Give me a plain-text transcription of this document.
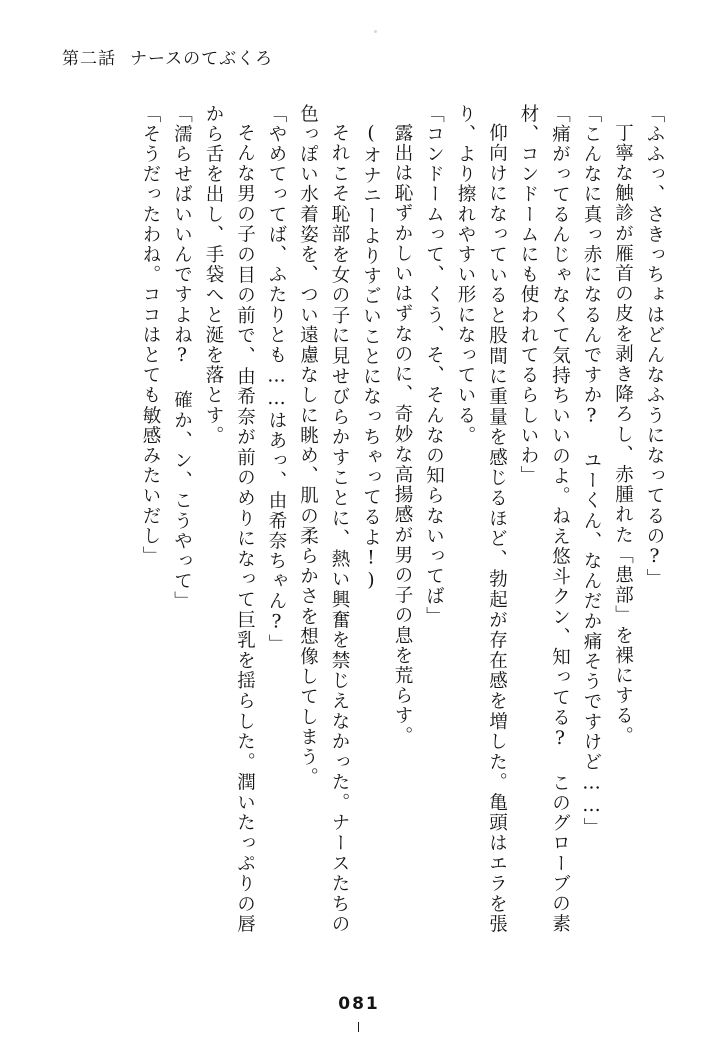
第二話 ナースのてぶくろ

「ふふっ、さきっちょはどんなふうになってるの?」

丁寧な触診が雁首の皮を剥き降ろし、赤腫れた「患部」を裸にする。

「こんなに真っ赤になるんですか? ユーくん、なんだか痛そうですけど……」

「痛がってるんじゃなくて気持ちいいのよ。ねえ悠斗クン、知ってる? このグローブの素材、コンドームにも使われてるらしいわ」

仰向けになっていると股間に重量を感じるほど、勃起が存在感を増した。亀頭はエラを張り、より擦れやすい形になっている。

「コンドームって、くう、そ、そんなの知らないってば」

露出は恥ずかしいはずなのに、奇妙な高揚感が男の子の息を荒らす。

(オナニーよりすごいことになっちゃってるよ!)

それこそ恥部を女の子に見せびらかすことに、熱い興奮を禁じえなかった。ナースたちの色っぽい水着姿を、つい遠慮なしに眺め、肌の柔らかさを想像してしまう。

「やめてってば、ふたりとも……はあっ、由希奈ちゃん?」

そんな男の子の目の前で、由希奈が前のめりになって巨乳を揺らした。潤いたっぷりの唇から舌を出し、手袋へと涎を落とす。

「濡らせばいいんですよね? 確か、ン、こうやって」

「そうだったわね。ココはとても敏感みたいだし」

081
